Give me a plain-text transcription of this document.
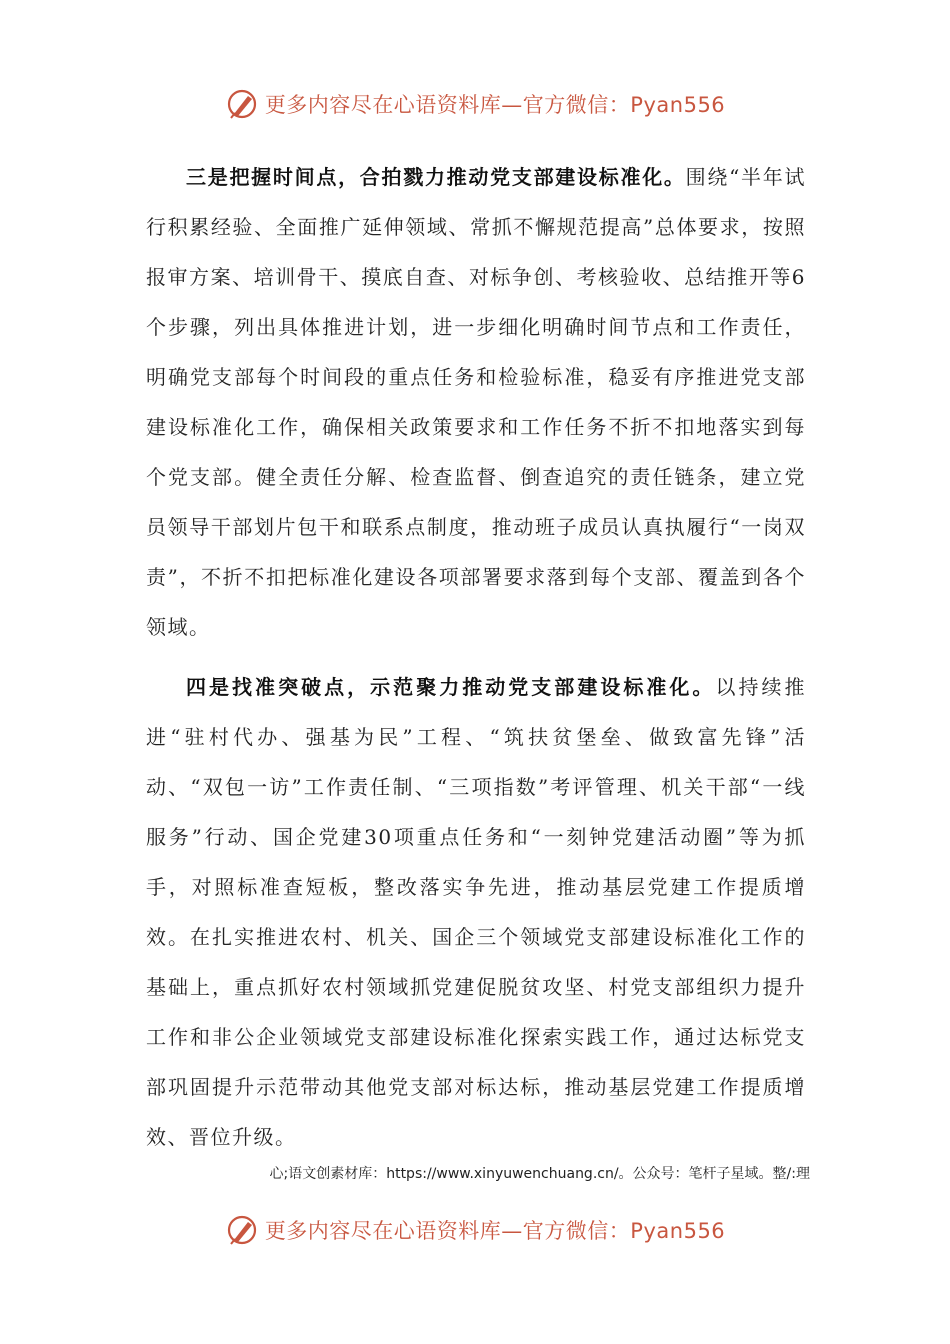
更多内容尽在心语资料库—官方微信：Pyan556

三是把握时间点，合拍戮力推动党支部建设标准化。围绕“半年试行积累经验、全面推广延伸领域、常抓不懈规范提高”总体要求，按照报审方案、培训骨干、摸底自查、对标争创、考核验收、总结推开等6个步骤，列出具体推进计划，进一步细化明确时间节点和工作责任，明确党支部每个时间段的重点任务和检验标准，稳妥有序推进党支部建设标准化工作，确保相关政策要求和工作任务不折不扣地落实到每个党支部。健全责任分解、检查监督、倒查追究的责任链条，建立党员领导干部划片包干和联系点制度，推动班子成员认真执履行“一岗双责”，不折不扣把标准化建设各项部署要求落到每个支部、覆盖到各个领域。

四是找准突破点，示范聚力推动党支部建设标准化。以持续推进“驻村代办、强基为民”工程、“筑扶贫堡垒、做致富先锋”活动、“双包一访”工作责任制、“三项指数”考评管理、机关干部“一线服务”行动、国企党建30项重点任务和“一刻钟党建活动圈”等为抓手，对照标准查短板，整改落实争先进，推动基层党建工作提质增效。在扎实推进农村、机关、国企三个领域党支部建设标准化工作的基础上，重点抓好农村领域抓党建促脱贫攻坚、村党支部组织力提升工作和非公企业领域党支部建设标准化探索实践工作，通过达标党支部巩固提升示范带动其他党支部对标达标，推动基层党建工作提质增效、晋位升级。

心;语文创素材库：https://www.xinyuwenchuang.cn/。公众号：笔杆子星域。整/:理
更多内容尽在心语资料库—官方微信：Pyan556
